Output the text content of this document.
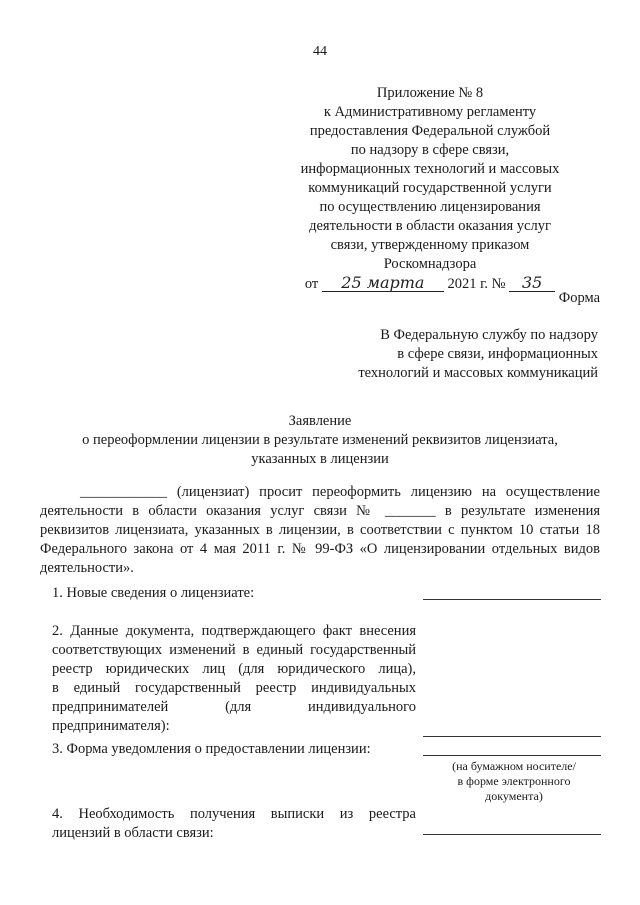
44
Приложение № 8
к Административному регламенту
предоставления Федеральной службой
по надзору в сфере связи,
информационных технологий и массовых
коммуникаций государственной услуги
по осуществлению лицензирования
деятельности в области оказания услуг
связи, утвержденному приказом
Роскомнадзора
от 25 марта 2021 г. № 35
Форма
В Федеральную службу по надзору
в сфере связи, информационных
технологий и массовых коммуникаций
Заявление
о переоформлении лицензии в результате изменений реквизитов лицензиата,
указанных в лицензии
____________ (лицензиат) просит переоформить лицензию на осуществление
деятельности в области оказания услуг связи № _______ в результате изменения
реквизитов лицензиата, указанных в лицензии, в соответствии с пунктом 10 статьи 18
Федерального закона от 4 мая 2011 г. № 99-ФЗ «О лицензировании отдельных видов
деятельности».
1. Новые сведения о лицензиате:
2. Данные документа, подтверждающего факт внесения
соответствующих изменений в единый государственный
реестр юридических лиц (для юридического лица),
в единый государственный реестр индивидуальных
предпринимателей (для индивидуального
предпринимателя):
3. Форма уведомления о предоставлении лицензии:
(на бумажном носителе/
в форме электронного
документа)
4. Необходимость получения выписки из реестра
лицензий в области связи:
